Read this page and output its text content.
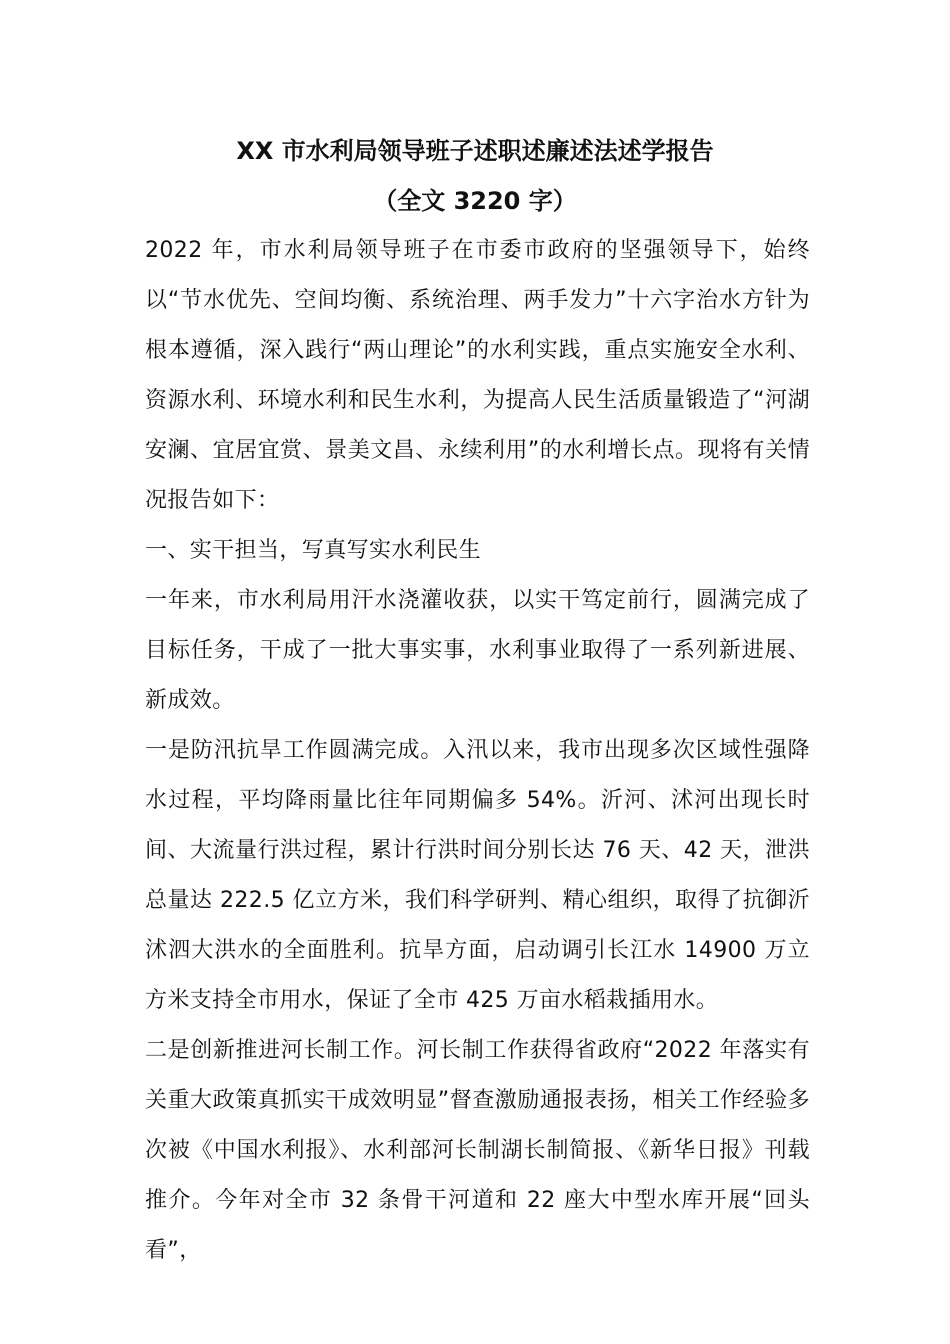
XX 市水利局领导班子述职述廉述法述学报告
（全文 3220 字）

2022 年，市水利局领导班子在市委市政府的坚强领导下，始终以“节水优先、空间均衡、系统治理、两手发力”十六字治水方针为根本遵循，深入践行“两山理论”的水利实践，重点实施安全水利、资源水利、环境水利和民生水利，为提高人民生活质量锻造了“河湖安澜、宜居宜赏、景美文昌、永续利用”的水利增长点。现将有关情况报告如下：

一、实干担当，写真写实水利民生

一年来，市水利局用汗水浇灌收获，以实干笃定前行，圆满完成了目标任务，干成了一批大事实事，水利事业取得了一系列新进展、新成效。

一是防汛抗旱工作圆满完成。入汛以来，我市出现多次区域性强降水过程，平均降雨量比往年同期偏多 54%。沂河、沭河出现长时间、大流量行洪过程，累计行洪时间分别长达 76 天、42 天，泄洪总量达 222.5 亿立方米，我们科学研判、精心组织，取得了抗御沂沭泗大洪水的全面胜利。抗旱方面，启动调引长江水 14900 万立方米支持全市用水，保证了全市 425 万亩水稻栽插用水。

二是创新推进河长制工作。河长制工作获得省政府“2022 年落实有关重大政策真抓实干成效明显”督查激励通报表扬，相关工作经验多次被《中国水利报》、水利部河长制湖长制简报、《新华日报》刊载推介。今年对全市 32 条骨干河道和 22 座大中型水库开展“回头看”，
